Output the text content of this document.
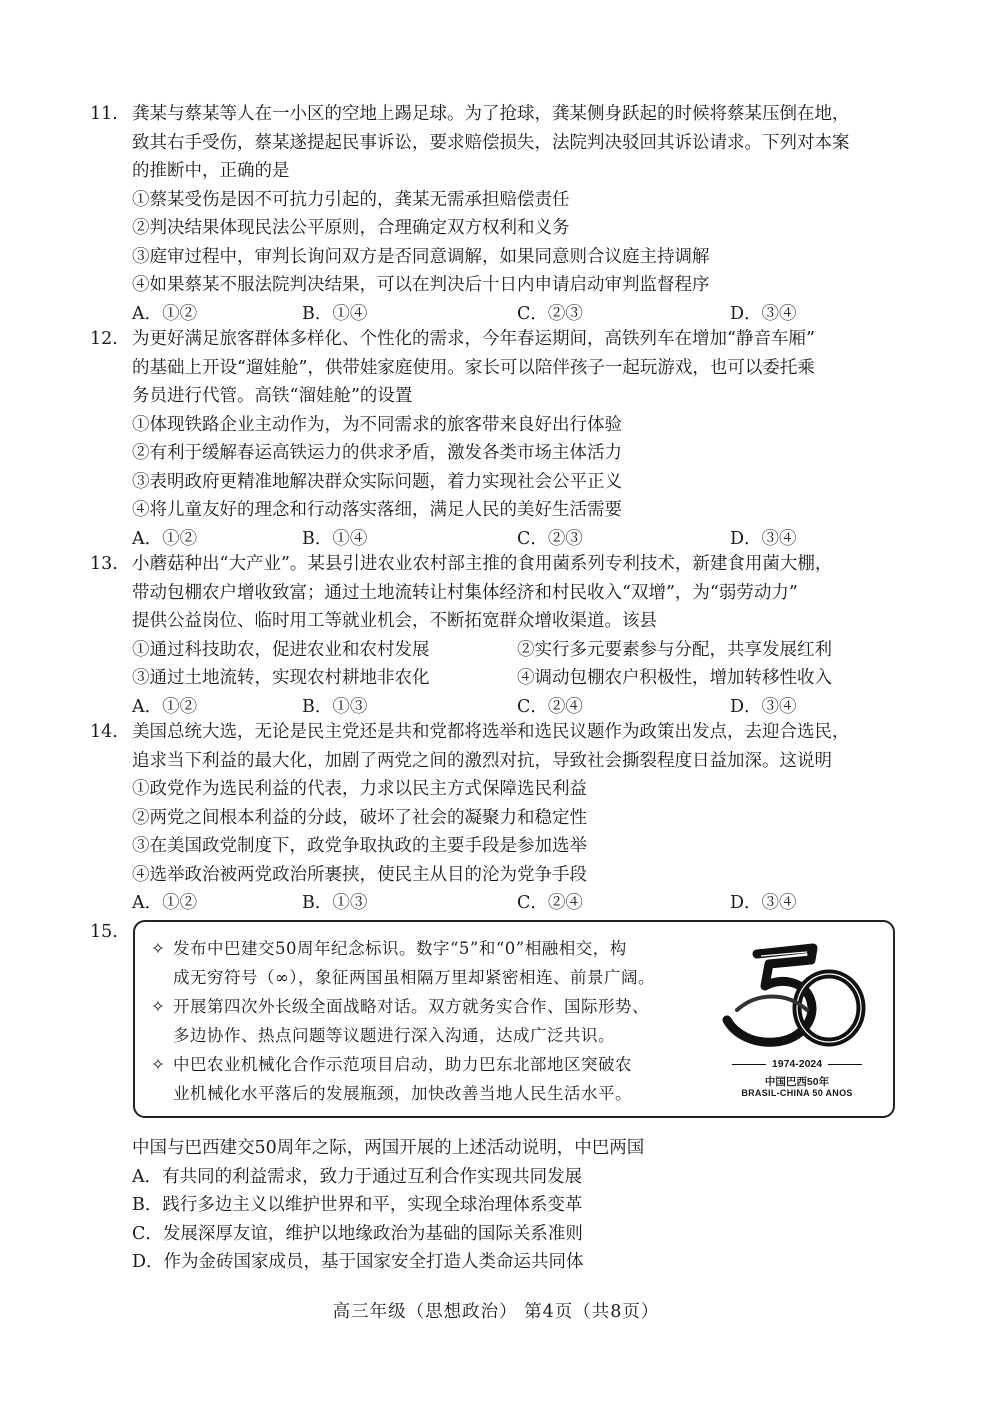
11. 龚某与蔡某等人在一小区的空地上踢足球。为了抢球，龚某侧身跃起的时候将蔡某压倒在地，
致其右手受伤，蔡某遂提起民事诉讼，要求赔偿损失，法院判决驳回其诉讼请求。下列对本案
的推断中，正确的是
①蔡某受伤是因不可抗力引起的，龚某无需承担赔偿责任
②判决结果体现民法公平原则，合理确定双方权利和义务
③庭审过程中，审判长询问双方是否同意调解，如果同意则合议庭主持调解
④如果蔡某不服法院判决结果，可以在判决后十日内申请启动审判监督程序
A．①②	B．①④	C．②③	D．③④
12. 为更好满足旅客群体多样化、个性化的需求，今年春运期间，高铁列车在增加“静音车厢”
的基础上开设“遛娃舱”，供带娃家庭使用。家长可以陪伴孩子一起玩游戏，也可以委托乘
务员进行代管。高铁“溜娃舱”的设置
①体现铁路企业主动作为，为不同需求的旅客带来良好出行体验
②有利于缓解春运高铁运力的供求矛盾，激发各类市场主体活力
③表明政府更精准地解决群众实际问题，着力实现社会公平正义
④将儿童友好的理念和行动落实落细，满足人民的美好生活需要
A．①②	B．①④	C．②③	D．③④
13. 小蘑菇种出“大产业”。某县引进农业农村部主推的食用菌系列专利技术，新建食用菌大棚，
带动包棚农户增收致富；通过土地流转让村集体经济和村民收入“双增”，为“弱劳动力”
提供公益岗位、临时用工等就业机会，不断拓宽群众增收渠道。该县
①通过科技助农，促进农业和农村发展	②实行多元要素参与分配，共享发展红利
③通过土地流转，实现农村耕地非农化	④调动包棚农户积极性，增加转移性收入
A．①②	B．①③	C．②④	D．③④
14. 美国总统大选，无论是民主党还是共和党都将选举和选民议题作为政策出发点，去迎合选民，
追求当下利益的最大化，加剧了两党之间的激烈对抗，导致社会撕裂程度日益加深。这说明
①政党作为选民利益的代表，力求以民主方式保障选民利益
②两党之间根本利益的分歧，破坏了社会的凝聚力和稳定性
③在美国政党制度下，政党争取执政的主要手段是参加选举
④选举政治被两党政治所裹挟，使民主从目的沦为党争手段
A．①②	B．①③	C．②④	D．③④
15.
✧ 发布中巴建交50周年纪念标识。数字“5”和“0”相融相交，构
成无穷符号（∞），象征两国虽相隔万里却紧密相连、前景广阔。
✧ 开展第四次外长级全面战略对话。双方就务实合作、国际形势、
多边协作、热点问题等议题进行深入沟通，达成广泛共识。
✧ 中巴农业机械化合作示范项目启动，助力巴东北部地区突破农
业机械化水平落后的发展瓶颈，加快改善当地人民生活水平。
1974-2024
中国巴西50年
BRASIL-CHINA 50 ANOS
中国与巴西建交50周年之际，两国开展的上述活动说明，中巴两国
A．有共同的利益需求，致力于通过互利合作实现共同发展
B．践行多边主义以维护世界和平，实现全球治理体系变革
C．发展深厚友谊，维护以地缘政治为基础的国际关系准则
D．作为金砖国家成员，基于国家安全打造人类命运共同体
高三年级（思想政治） 第4页（共8页）
